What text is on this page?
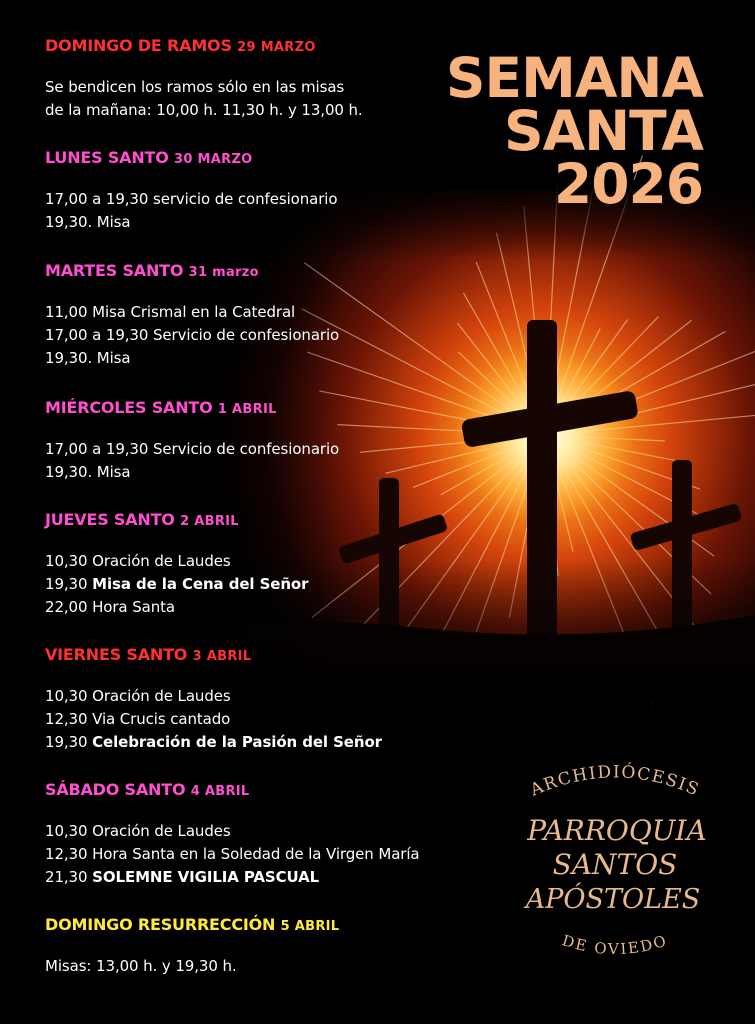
DOMINGO DE RAMOS 29 MARZO
Se bendicen los ramos sólo en las misas
de la mañana: 10,00 h. 11,30 h. y 13,00 h.
LUNES SANTO 30 MARZO
17,00 a 19,30 servicio de confesionario
19,30. Misa
MARTES SANTO 31 marzo
11,00 Misa Crismal en la Catedral
17,00 a 19,30 Servicio de confesionario
19,30. Misa
MIÉRCOLES SANTO 1 ABRIL
17,00 a 19,30 Servicio de confesionario
19,30. Misa
JUEVES SANTO 2 ABRIL
10,30 Oración de Laudes
19,30 Misa de la Cena del Señor
22,00 Hora Santa
VIERNES SANTO 3 ABRIL
10,30 Oración de Laudes
12,30 Via Crucis cantado
19,30 Celebración de la Pasión del Señor
SÁBADO SANTO 4 ABRIL
10,30 Oración de Laudes
12,30 Hora Santa en la Soledad de la Virgen María
21,30 SOLEMNE VIGILIA PASCUAL
DOMINGO RESURRECCIÓN 5 ABRIL
Misas: 13,00 h. y 19,30 h.
SEMANA
SANTA
2026
ARCHIDIÓCESIS
PARROQUIA
SANTOS
APÓSTOLES
DE OVIEDO
